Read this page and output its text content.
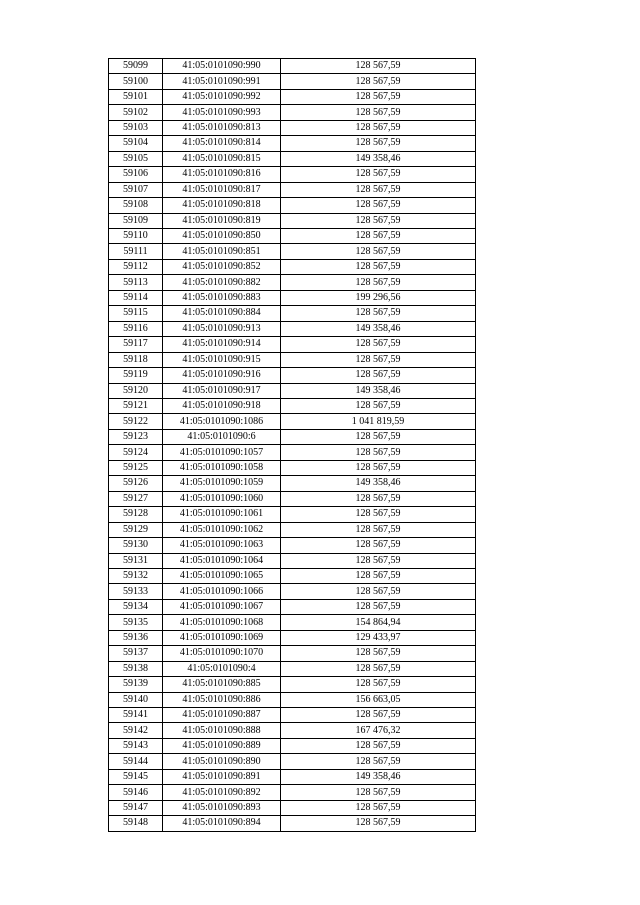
59099	41:05:0101090:990	128 567,59
59100	41:05:0101090:991	128 567,59
59101	41:05:0101090:992	128 567,59
59102	41:05:0101090:993	128 567,59
59103	41:05:0101090:813	128 567,59
59104	41:05:0101090:814	128 567,59
59105	41:05:0101090:815	149 358,46
59106	41:05:0101090:816	128 567,59
59107	41:05:0101090:817	128 567,59
59108	41:05:0101090:818	128 567,59
59109	41:05:0101090:819	128 567,59
59110	41:05:0101090:850	128 567,59
59111	41:05:0101090:851	128 567,59
59112	41:05:0101090:852	128 567,59
59113	41:05:0101090:882	128 567,59
59114	41:05:0101090:883	199 296,56
59115	41:05:0101090:884	128 567,59
59116	41:05:0101090:913	149 358,46
59117	41:05:0101090:914	128 567,59
59118	41:05:0101090:915	128 567,59
59119	41:05:0101090:916	128 567,59
59120	41:05:0101090:917	149 358,46
59121	41:05:0101090:918	128 567,59
59122	41:05:0101090:1086	1 041 819,59
59123	41:05:0101090:6	128 567,59
59124	41:05:0101090:1057	128 567,59
59125	41:05:0101090:1058	128 567,59
59126	41:05:0101090:1059	149 358,46
59127	41:05:0101090:1060	128 567,59
59128	41:05:0101090:1061	128 567,59
59129	41:05:0101090:1062	128 567,59
59130	41:05:0101090:1063	128 567,59
59131	41:05:0101090:1064	128 567,59
59132	41:05:0101090:1065	128 567,59
59133	41:05:0101090:1066	128 567,59
59134	41:05:0101090:1067	128 567,59
59135	41:05:0101090:1068	154 864,94
59136	41:05:0101090:1069	129 433,97
59137	41:05:0101090:1070	128 567,59
59138	41:05:0101090:4	128 567,59
59139	41:05:0101090:885	128 567,59
59140	41:05:0101090:886	156 663,05
59141	41:05:0101090:887	128 567,59
59142	41:05:0101090:888	167 476,32
59143	41:05:0101090:889	128 567,59
59144	41:05:0101090:890	128 567,59
59145	41:05:0101090:891	149 358,46
59146	41:05:0101090:892	128 567,59
59147	41:05:0101090:893	128 567,59
59148	41:05:0101090:894	128 567,59
